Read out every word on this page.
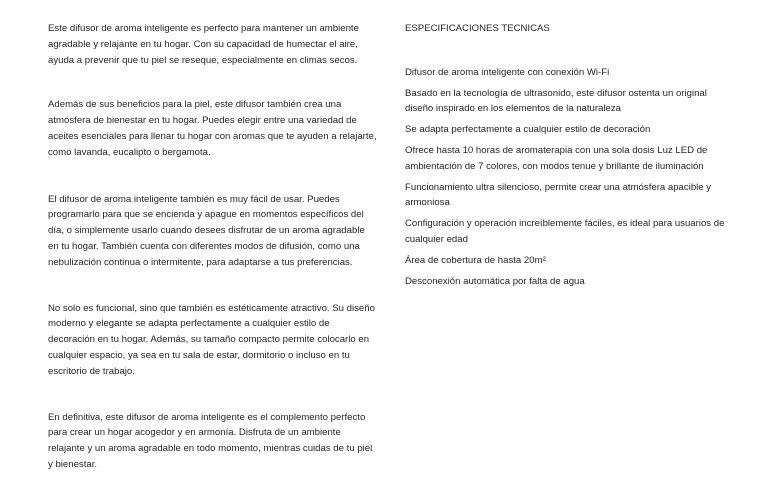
Este difusor de aroma inteligente es perfecto para mantener un ambiente agradable y relajante en tu hogar. Con su capacidad de humectar el aire, ayuda a prevenir que tu piel se reseque, especialmente en climas secos.

Además de sus beneficios para la piel, este difusor también crea una atmósfera de bienestar en tu hogar. Puedes elegir entre una variedad de aceites esenciales para llenar tu hogar con aromas que te ayuden a relajarte, como lavanda, eucalipto o bergamota.

El difusor de aroma inteligente también es muy fácil de usar. Puedes programarlo para que se encienda y apague en momentos específicos del día, o simplemente usarlo cuando desees disfrutar de un aroma agradable en tu hogar. También cuenta con diferentes modos de difusión, como una nebulización continua o intermitente, para adaptarse a tus preferencias.

No solo es funcional, sino que también es estéticamente atractivo. Su diseño moderno y elegante se adapta perfectamente a cualquier estilo de decoración en tu hogar. Además, su tamaño compacto permite colocarlo en cualquier espacio, ya sea en tu sala de estar, dormitorio o incluso en tu escritorio de trabajo.

En definitiva, este difusor de aroma inteligente es el complemento perfecto para crear un hogar acogedor y en armonía. Disfruta de un ambiente relajante y un aroma agradable en todo momento, mientras cuidas de tu piel y bienestar.

ESPECIFICACIONES TECNICAS
Difusor de aroma inteligente con conexión Wi-Fi
Basado en la tecnología de ultrasonido, este difusor ostenta un original diseño inspirado en los elementos de la naturaleza
Se adapta perfectamente a cualquier estilo de decoración
Ofrece hasta 10 horas de aromaterapia con una sola dosis Luz LED de ambientación de 7 colores, con modos tenue y brillante de iluminación
Funcionamiento ultra silencioso, permite crear una atmósfera apacible y armoniosa
Configuración y operación increíblemente fáciles, es ideal para usuarios de cualquier edad
Área de cobertura de hasta 20m²
Desconexión automática por falta de agua
